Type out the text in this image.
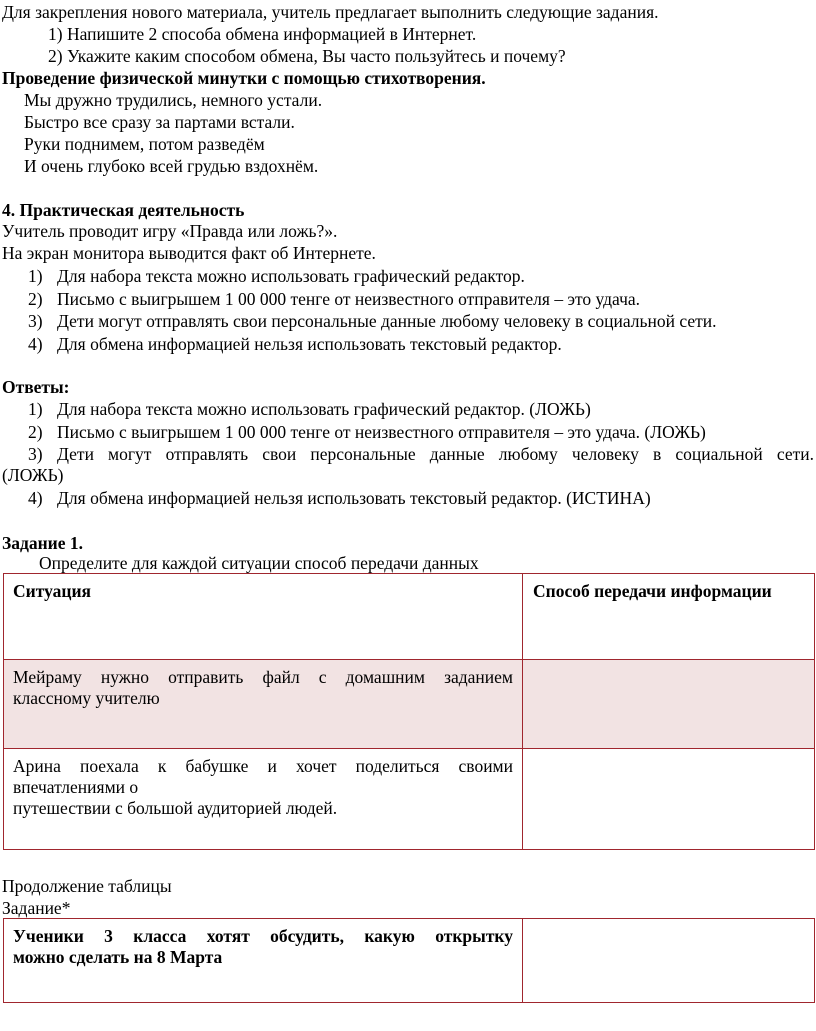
Для закрепления нового материала, учитель предлагает выполнить следующие задания.
1) Напишите 2 способа обмена информацией в Интернет.
2) Укажите каким способом обмена, Вы часто пользуйтесь и почему?
Проведение физической минутки с помощью стихотворения.
Мы дружно трудились, немного устали.
Быстро все сразу за партами встали.
Руки поднимем, потом разведём
И очень глубоко всей грудью вздохнём.
4. Практическая деятельность
Учитель проводит игру «Правда или ложь?».
На экран монитора выводится факт об Интернете.
1) Для набора текста можно использовать графический редактор.
2) Письмо с выигрышем 1 00 000 тенге от неизвестного отправителя – это удача.
3) Дети могут отправлять свои персональные данные любому человеку в социальной сети.
4) Для обмена информацией нельзя использовать текстовый редактор.
Ответы:
1) Для набора текста можно использовать графический редактор. (ЛОЖЬ)
2) Письмо с выигрышем 1 00 000 тенге от неизвестного отправителя – это удача. (ЛОЖЬ)
3) Дети могут отправлять свои персональные данные любому человеку в социальной сети.
(ЛОЖЬ)
4) Для обмена информацией нельзя использовать текстовый редактор. (ИСТИНА)
Задание 1.
Определите для каждой ситуации способ передачи данных
Ситуация	Способ передачи информации

Мейраму нужно отправить файл с домашним заданием
классному учителю	

Арина поехала к бабушке и хочет поделиться своими
впечатлениями о
путешествии с большой аудиторией людей.	

Продолжение таблицы
Задание*
Ученики 3 класса хотят обсудить, какую открытку
можно сделать на 8 Марта
